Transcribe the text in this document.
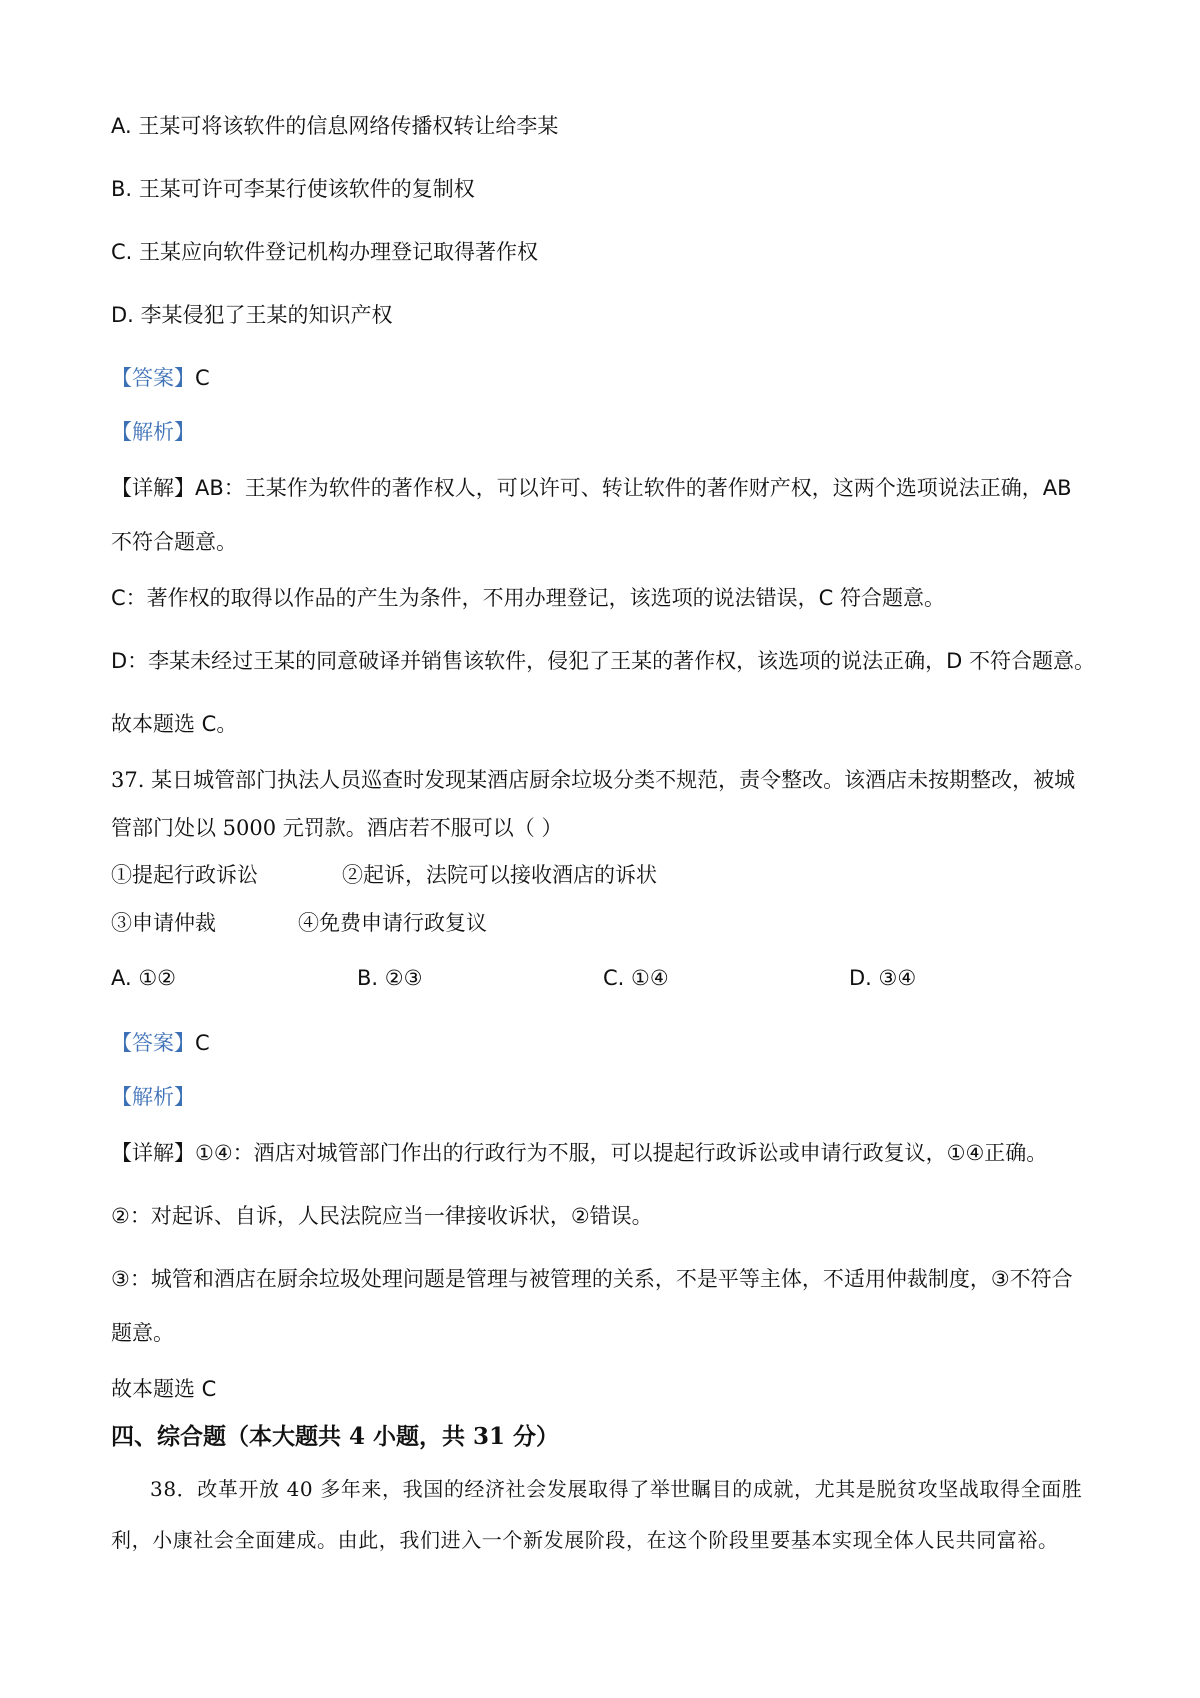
A. 王某可将该软件的信息网络传播权转让给李某
B. 王某可许可李某行使该软件的复制权
C. 王某应向软件登记机构办理登记取得著作权
D. 李某侵犯了王某的知识产权
【答案】C
【解析】
【详解】AB：王某作为软件的著作权人，可以许可、转让软件的著作财产权，这两个选项说法正确，AB
不符合题意。
C：著作权的取得以作品的产生为条件，不用办理登记，该选项的说法错误，C 符合题意。
D：李某未经过王某的同意破译并销售该软件，侵犯了王某的著作权，该选项的说法正确，D 不符合题意。
故本题选 C。
37. 某日城管部门执法人员巡查时发现某酒店厨余垃圾分类不规范，责令整改。该酒店未按期整改，被城
管部门处以 5000 元罚款。酒店若不服可以（ ）
①提起行政诉讼	②起诉，法院可以接收酒店的诉状
③申请仲裁	④免费申请行政复议
A. ①②	B. ②③	C. ①④	D. ③④
【答案】C
【解析】
【详解】①④：酒店对城管部门作出的行政行为不服，可以提起行政诉讼或申请行政复议，①④正确。
②：对起诉、自诉，人民法院应当一律接收诉状，②错误。
③：城管和酒店在厨余垃圾处理问题是管理与被管理的关系，不是平等主体，不适用仲裁制度，③不符合
题意。
故本题选 C
四、综合题（本大题共 4 小题，共 31 分）
38．改革开放 40 多年来，我国的经济社会发展取得了举世瞩目的成就，尤其是脱贫攻坚战取得全面胜
利，小康社会全面建成。由此，我们进入一个新发展阶段，在这个阶段里要基本实现全体人民共同富裕。
